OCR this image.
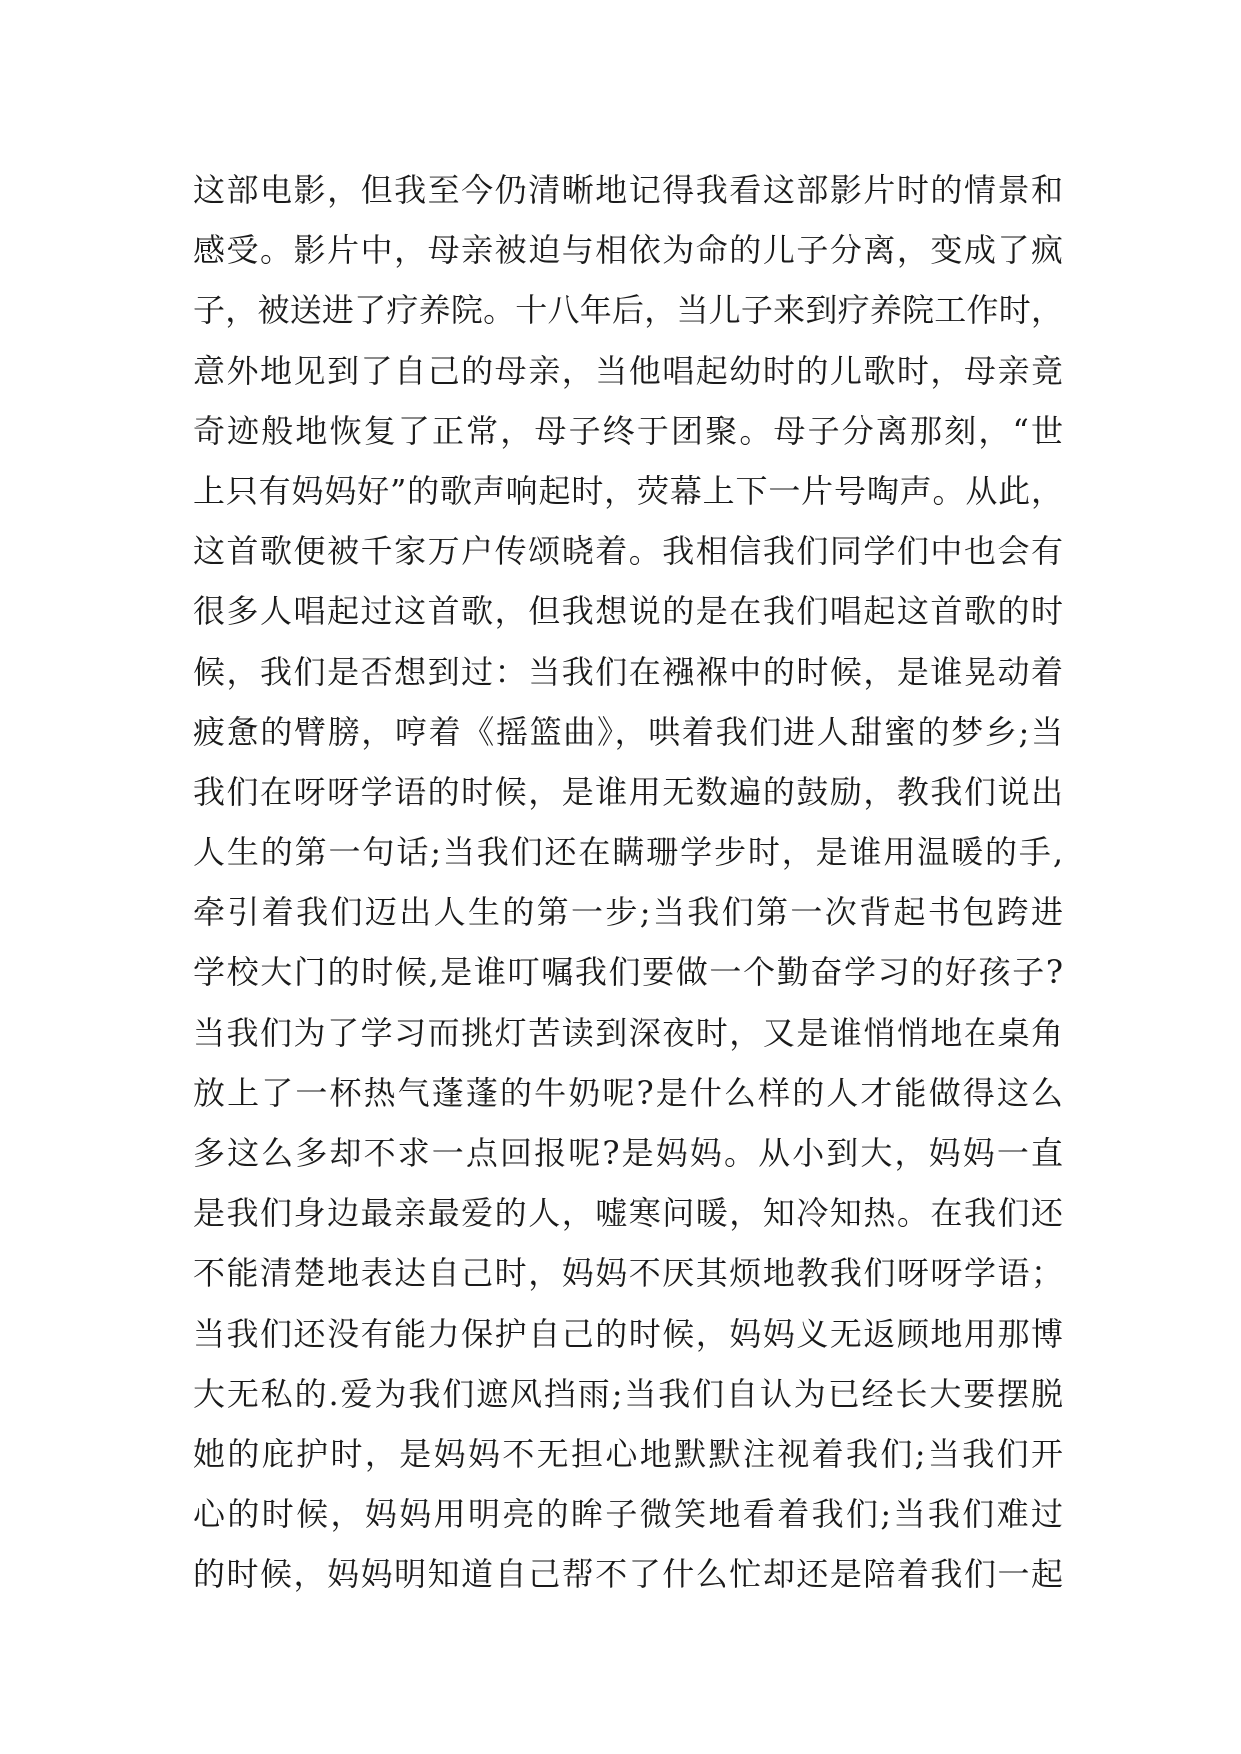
这部电影，但我至今仍清晰地记得我看这部影片时的情景和
感受。影片中，母亲被迫与相依为命的儿子分离，变成了疯
子，被送进了疗养院。十八年后，当儿子来到疗养院工作时，
意外地见到了自己的母亲，当他唱起幼时的儿歌时，母亲竟
奇迹般地恢复了正常，母子终于团聚。母子分离那刻，“世
上只有妈妈好”的歌声响起时，荧幕上下一片号啕声。从此，
这首歌便被千家万户传颂晓着。我相信我们同学们中也会有
很多人唱起过这首歌，但我想说的是在我们唱起这首歌的时
候，我们是否想到过：当我们在襁褓中的时候，是谁晃动着
疲惫的臂膀，哼着《摇篮曲》，哄着我们进人甜蜜的梦乡;当
我们在呀呀学语的时候，是谁用无数遍的鼓励，教我们说出
人生的第一句话;当我们还在瞒珊学步时，是谁用温暖的手,
牵引着我们迈出人生的第一步;当我们第一次背起书包跨进
学校大门的时候,是谁叮嘱我们要做一个勤奋学习的好孩子?
当我们为了学习而挑灯苦读到深夜时，又是谁悄悄地在桌角
放上了一杯热气蓬蓬的牛奶呢?是什么样的人才能做得这么
多这么多却不求一点回报呢?是妈妈。从小到大，妈妈一直
是我们身边最亲最爱的人，嘘寒问暖，知冷知热。在我们还
不能清楚地表达自己时，妈妈不厌其烦地教我们呀呀学语；
当我们还没有能力保护自己的时候，妈妈义无返顾地用那博
大无私的.爱为我们遮风挡雨;当我们自认为已经长大要摆脱
她的庇护时，是妈妈不无担心地默默注视着我们;当我们开
心的时候，妈妈用明亮的眸子微笑地看着我们;当我们难过
的时候，妈妈明知道自己帮不了什么忙却还是陪着我们一起
